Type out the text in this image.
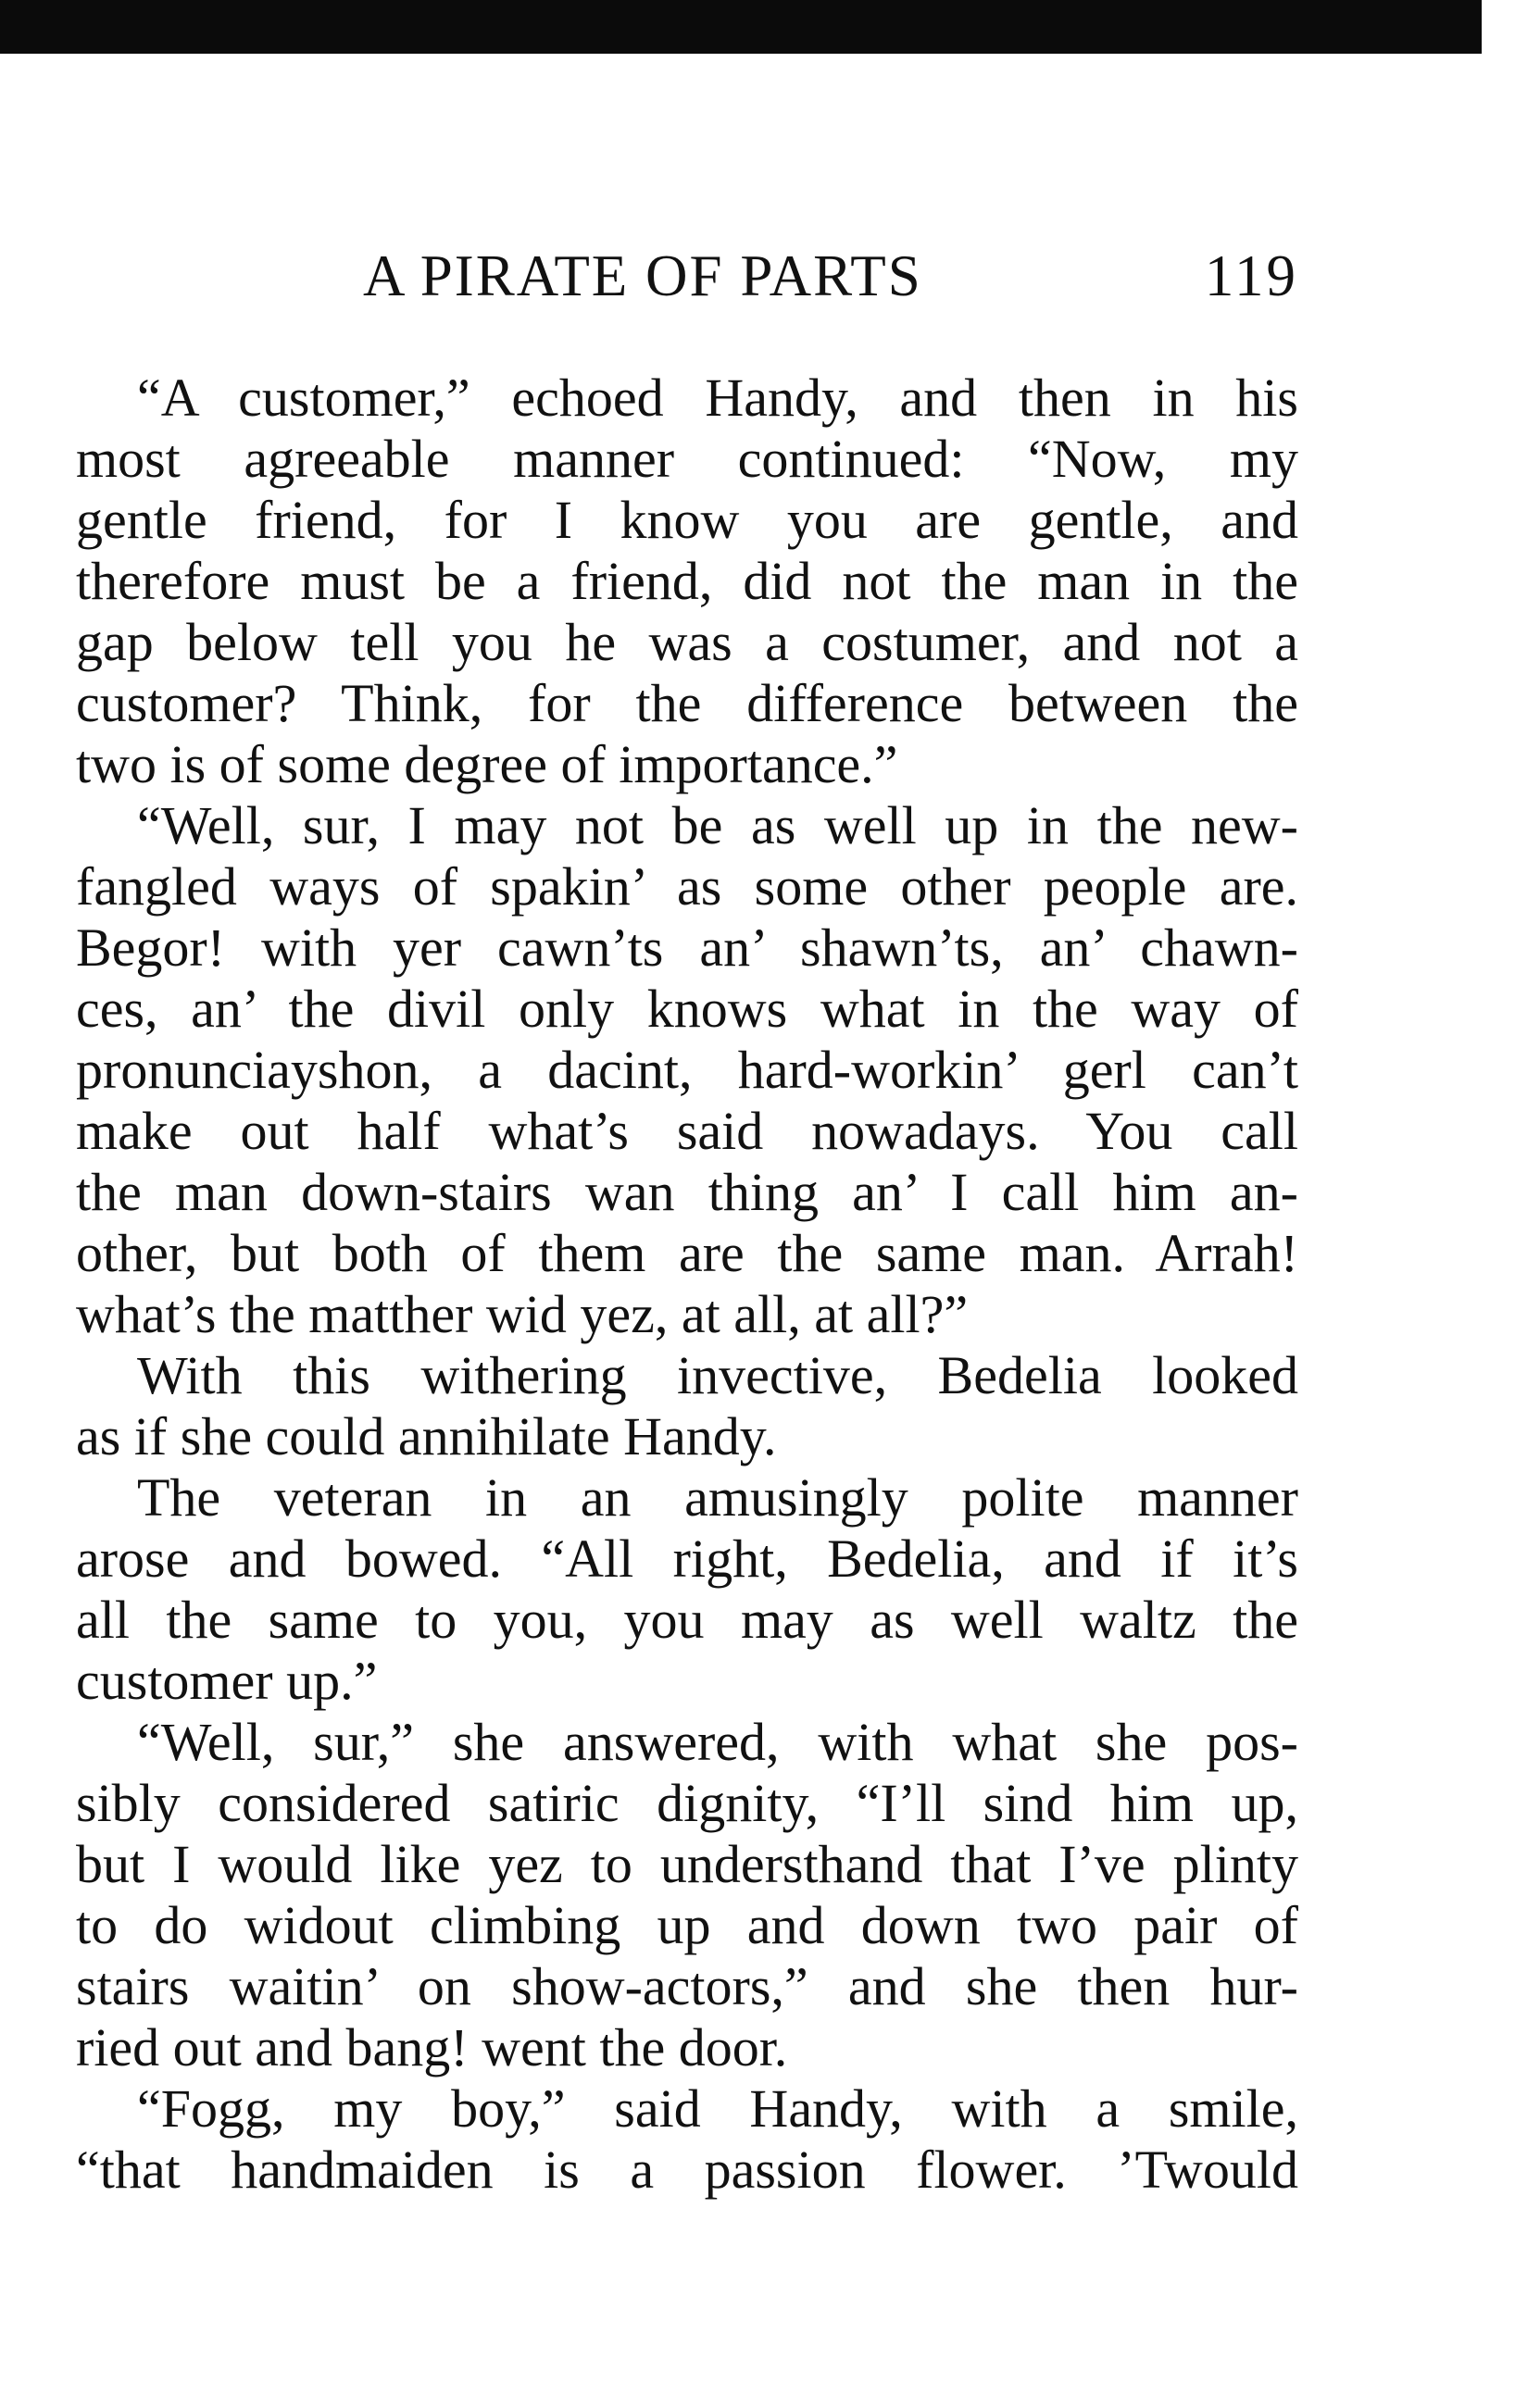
A PIRATE OF PARTS	119
“A customer,” echoed Handy, and then in his
most agreeable manner continued: “Now, my
gentle friend, for I know you are gentle, and
therefore must be a friend, did not the man in the
gap below tell you he was a costumer, and not a
customer? Think, for the difference between the
two is of some degree of importance.”
“Well, sur, I may not be as well up in the new-
fangled ways of spakin’ as some other people are.
Begor! with yer cawn’ts an’ shawn’ts, an’ chawn-
ces, an’ the divil only knows what in the way of
pronunciayshon, a dacint, hard-workin’ gerl can’t
make out half what’s said nowadays. You call
the man down-stairs wan thing an’ I call him an-
other, but both of them are the same man. Arrah!
what’s the matther wid yez, at all, at all?”
With this withering invective, Bedelia looked
as if she could annihilate Handy.
The veteran in an amusingly polite manner
arose and bowed. “All right, Bedelia, and if it’s
all the same to you, you may as well waltz the
customer up.”
“Well, sur,” she answered, with what she pos-
sibly considered satiric dignity, “I’ll sind him up,
but I would like yez to understhand that I’ve plinty
to do widout climbing up and down two pair of
stairs waitin’ on show-actors,” and she then hur-
ried out and bang! went the door.
“Fogg, my boy,” said Handy, with a smile,
“that handmaiden is a passion flower. ’Twould
